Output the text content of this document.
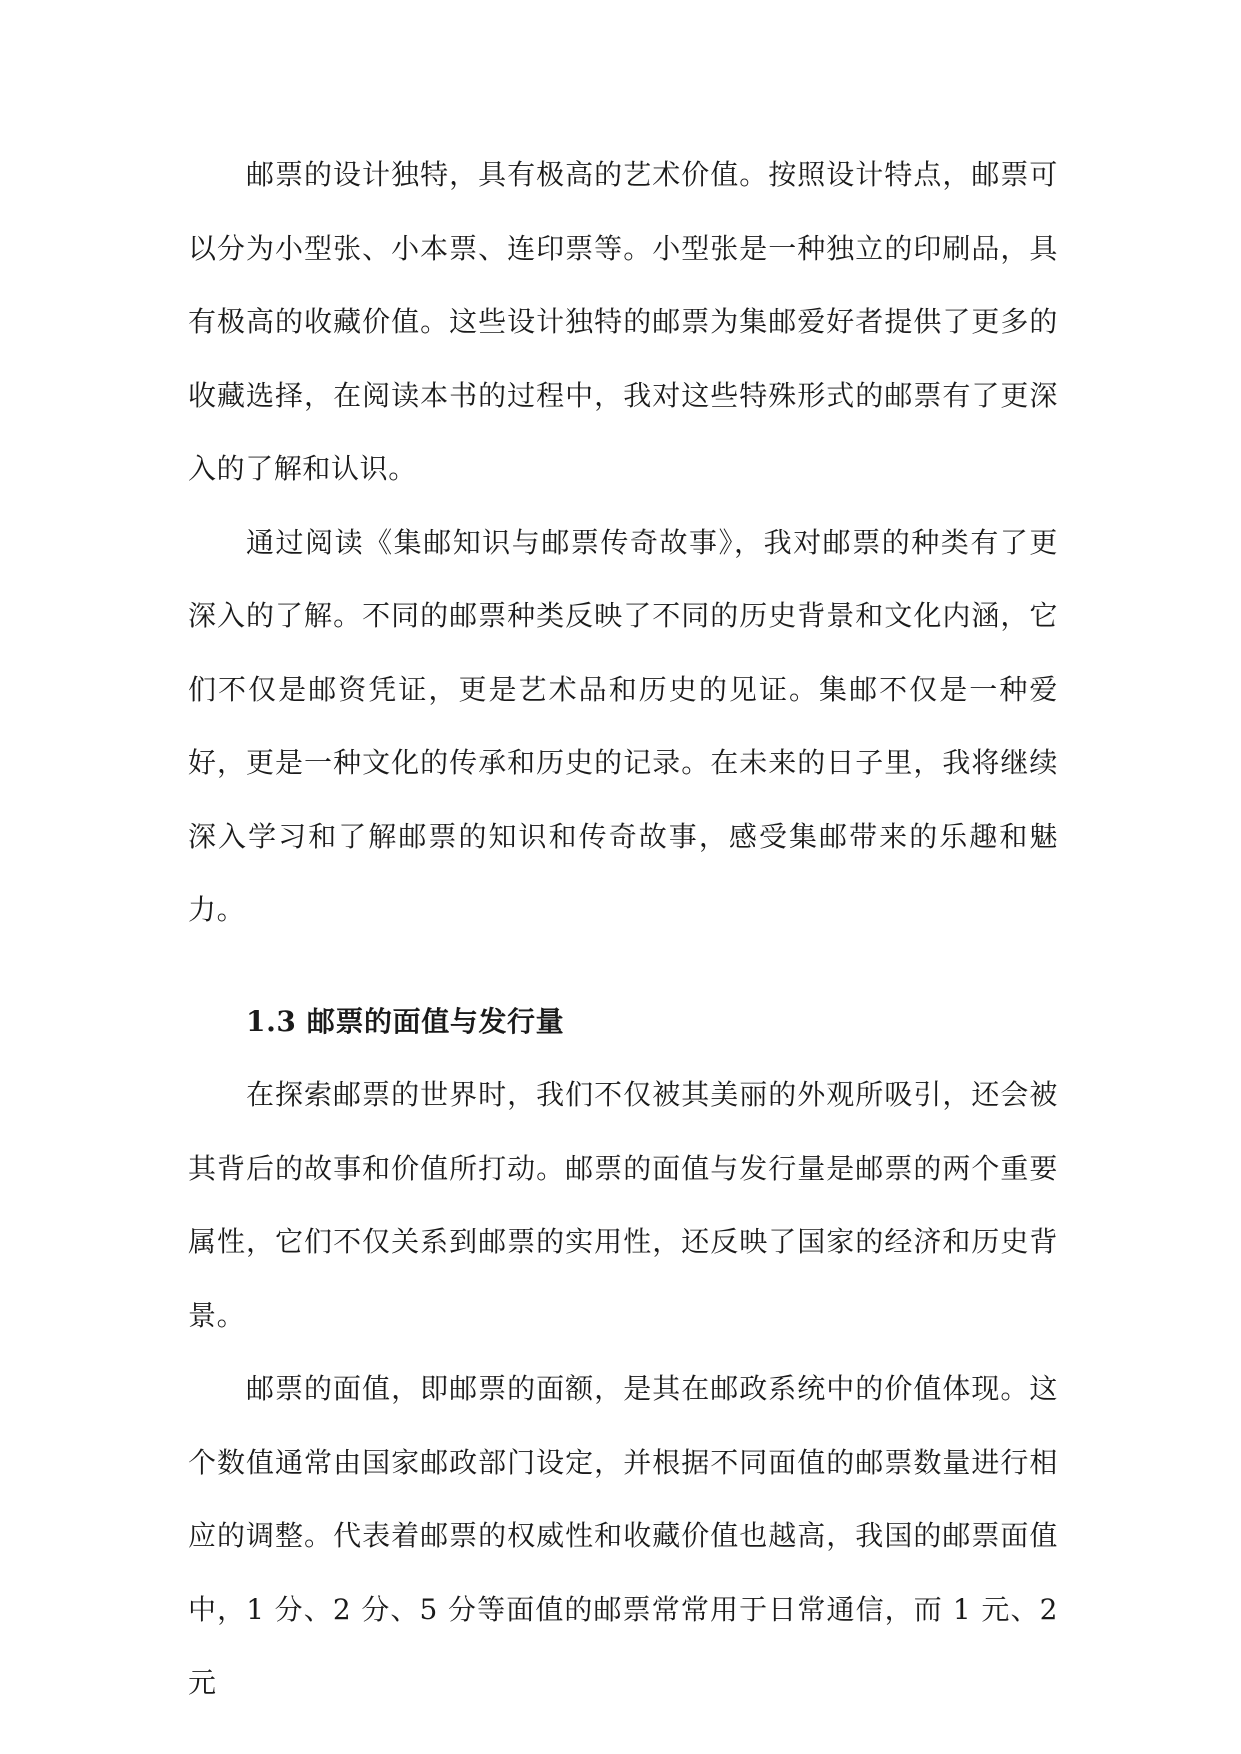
邮票的设计独特，具有极高的艺术价值。按照设计特点，邮票可以分为小型张、小本票、连印票等。小型张是一种独立的印刷品，具有极高的收藏价值。这些设计独特的邮票为集邮爱好者提供了更多的收藏选择，在阅读本书的过程中，我对这些特殊形式的邮票有了更深入的了解和认识。

通过阅读《集邮知识与邮票传奇故事》，我对邮票的种类有了更深入的了解。不同的邮票种类反映了不同的历史背景和文化内涵，它们不仅是邮资凭证，更是艺术品和历史的见证。集邮不仅是一种爱好，更是一种文化的传承和历史的记录。在未来的日子里，我将继续深入学习和了解邮票的知识和传奇故事，感受集邮带来的乐趣和魅力。

1.3 邮票的面值与发行量

在探索邮票的世界时，我们不仅被其美丽的外观所吸引，还会被其背后的故事和价值所打动。邮票的面值与发行量是邮票的两个重要属性，它们不仅关系到邮票的实用性，还反映了国家的经济和历史背景。

邮票的面值，即邮票的面额，是其在邮政系统中的价值体现。这个数值通常由国家邮政部门设定，并根据不同面值的邮票数量进行相应的调整。代表着邮票的权威性和收藏价值也越高，我国的邮票面值中，1 分、2 分、5 分等面值的邮票常常用于日常通信，而 1 元、2 元
